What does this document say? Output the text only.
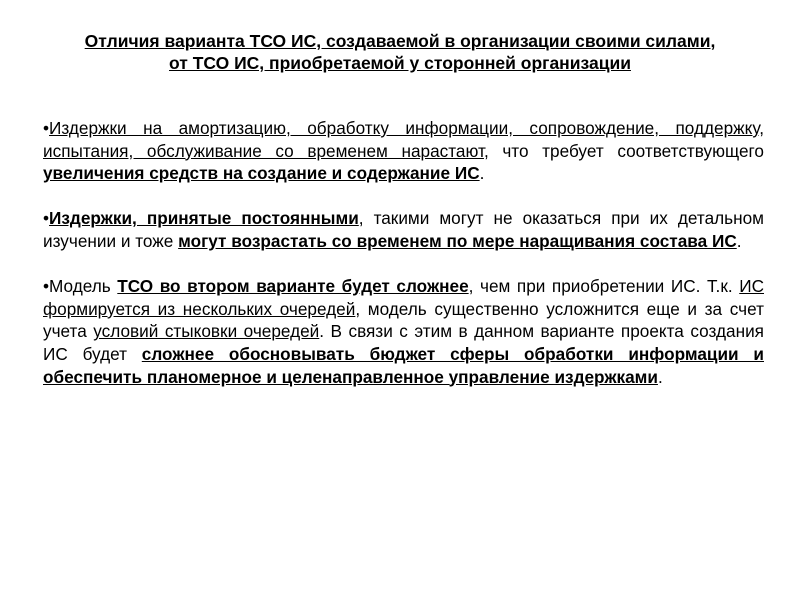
Отличия варианта ТСО ИС, создаваемой в организации своими силами,
от ТСО ИС, приобретаемой у сторонней организации

•Издержки на амортизацию, обработку информации, сопровождение, поддержку, испытания, обслуживание со временем нарастают, что требует соответствующего увеличения средств на создание и содержание ИС.

•Издержки, принятые постоянными, такими могут не оказаться при их детальном изучении и тоже могут возрастать со временем по мере наращивания состава ИС.

•Модель ТСО во втором варианте будет сложнее, чем при приобретении ИС. Т.к. ИС формируется из нескольких очередей, модель существенно усложнится еще и за счет учета условий стыковки очередей. В связи с этим в данном варианте проекта создания ИС будет сложнее обосновывать бюджет сферы обработки информации и обеспечить планомерное и целенаправленное управление издержками.
